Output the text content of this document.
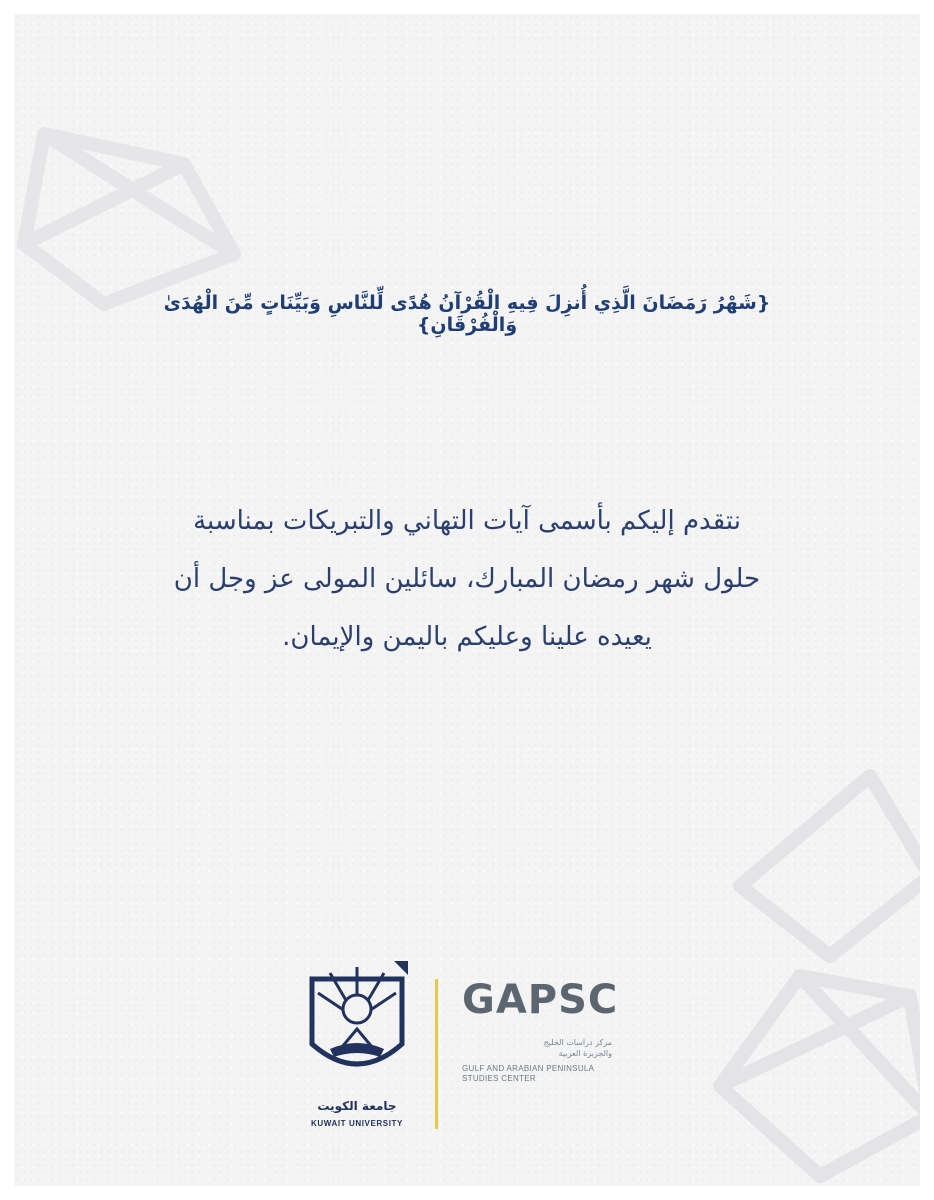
{شَهْرُ رَمَضَانَ الَّذِي أُنزِلَ فِيهِ الْقُرْآنُ هُدًى لِّلنَّاسِ وَبَيِّنَاتٍ مِّنَ الْهُدَىٰ وَالْفُرْقَانِ}
نتقدم إليكم بأسمى آيات التهاني والتبريكات بمناسبة
حلول شهر رمضان المبارك، سائلين المولى عز وجل أن
يعيده علينا وعليكم باليمن والإيمان.
جامعة الكويت
KUWAIT UNIVERSITY
GAPSC
مركز دراسات الخليج
والجزيرة العربية
GULF AND ARABIAN PENINSULA
STUDIES CENTER
